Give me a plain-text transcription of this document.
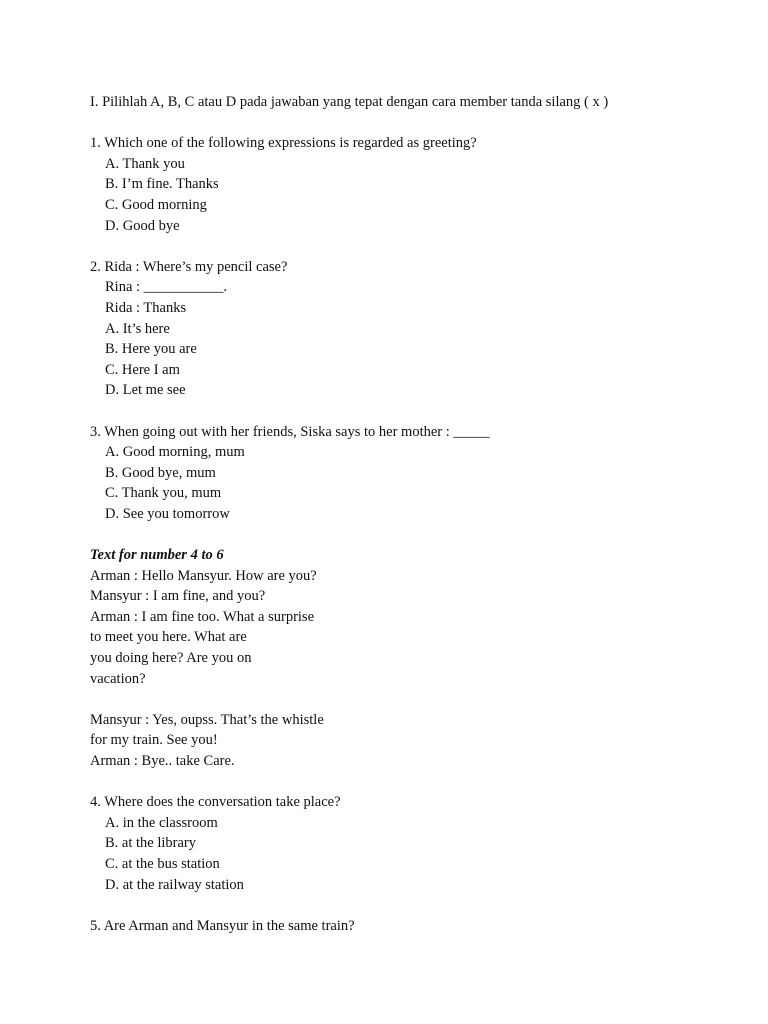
I. Pilihlah A, B, C atau D pada jawaban yang tepat dengan cara member tanda silang ( x )
1. Which one of the following expressions is regarded as greeting?
A. Thank you
B. I’m fine. Thanks
C. Good morning
D. Good bye
2. Rida : Where’s my pencil case?
Rina : ___________.
Rida : Thanks
A. It’s here
B. Here you are
C. Here I am
D. Let me see
3. When going out with her friends, Siska says to her mother : _____
A. Good morning, mum
B. Good bye, mum
C. Thank you, mum
D. See you tomorrow
Text for number 4 to 6
Arman : Hello Mansyur. How are you?
Mansyur : I am fine, and you?
Arman : I am fine too. What a surprise
to meet you here. What are
you doing here? Are you on
vacation?
Mansyur : Yes, oupss. That’s the whistle
for my train. See you!
Arman : Bye.. take Care.
4. Where does the conversation take place?
A. in the classroom
B. at the library
C. at the bus station
D. at the railway station
5. Are Arman and Mansyur in the same train?
